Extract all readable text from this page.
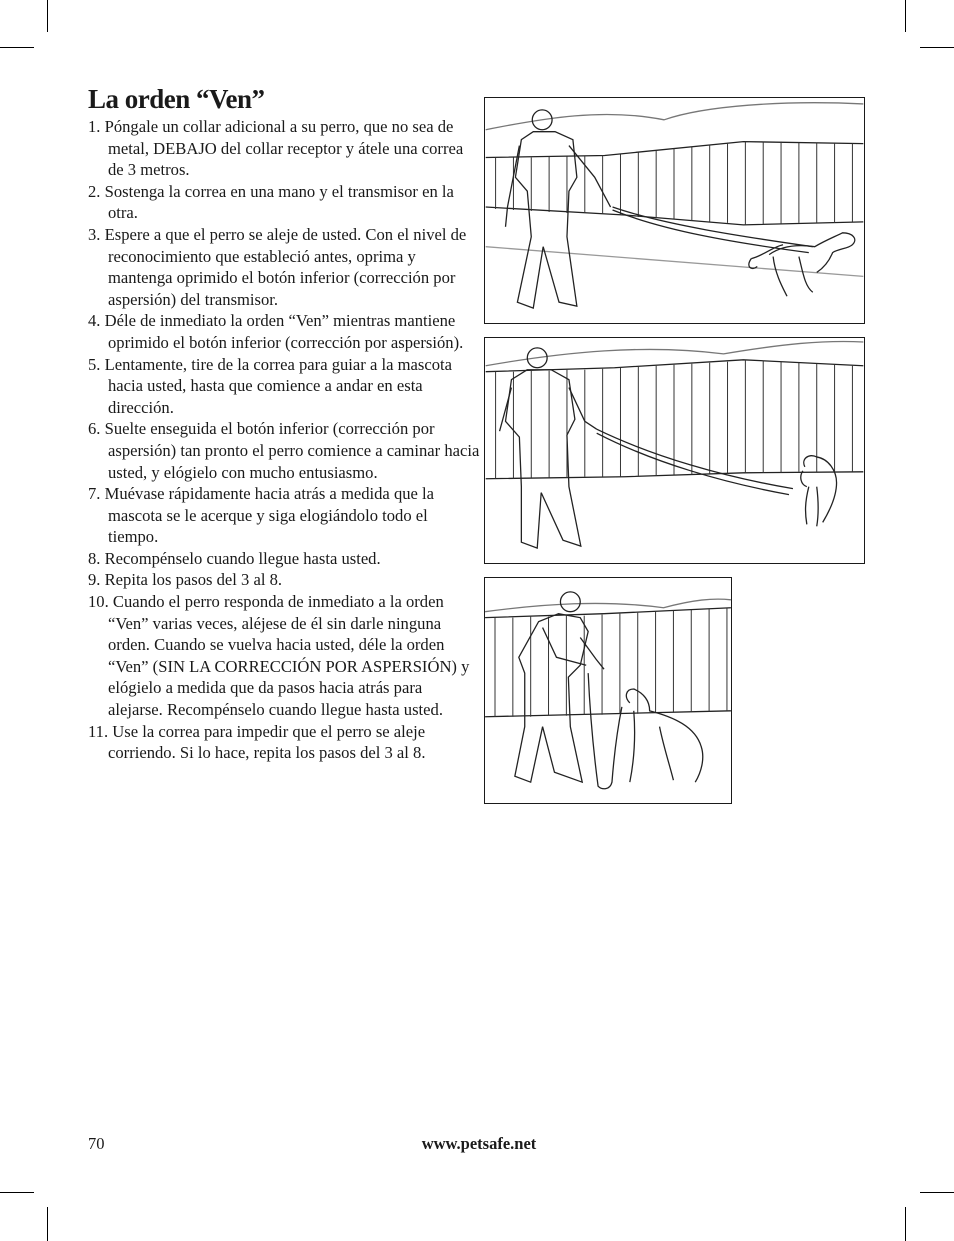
La orden “Ven”
1. Póngale un collar adicional a su perro, que no sea de metal, DEBAJO del collar receptor y átele una correa de 3 metros.
2. Sostenga la correa en una mano y el transmisor en la otra.
3. Espere a que el perro se aleje de usted. Con el nivel de reconocimiento que estableció antes, oprima y mantenga oprimido el botón inferior (corrección por aspersión) del transmisor.
4. Déle de inmediato la orden “Ven” mientras mantiene oprimido el botón inferior (corrección por aspersión).
5. Lentamente, tire de la correa para guiar a la mascota hacia usted, hasta que comience a andar en esta dirección.
6. Suelte enseguida el botón inferior (corrección por aspersión) tan pronto el perro comience a caminar hacia usted, y elógielo con mucho entusiasmo.
7. Muévase rápidamente hacia atrás a medida que la mascota se le acerque y siga elogiándolo todo el tiempo.
8. Recompénselo cuando llegue hasta usted.
9. Repita los pasos del 3 al 8.
10. Cuando el perro responda de inmediato a la orden “Ven” varias veces, aléjese de él sin darle ninguna orden. Cuando se vuelva hacia usted, déle la orden “Ven” (SIN LA CORRECCIÓN POR ASPERSIÓN) y elógielo a medida que da pasos hacia atrás para alejarse. Recompénselo cuando llegue hasta usted.
11. Use la correa para impedir que el perro se aleje corriendo. Si lo hace, repita los pasos del 3 al 8.
70	www.petsafe.net
